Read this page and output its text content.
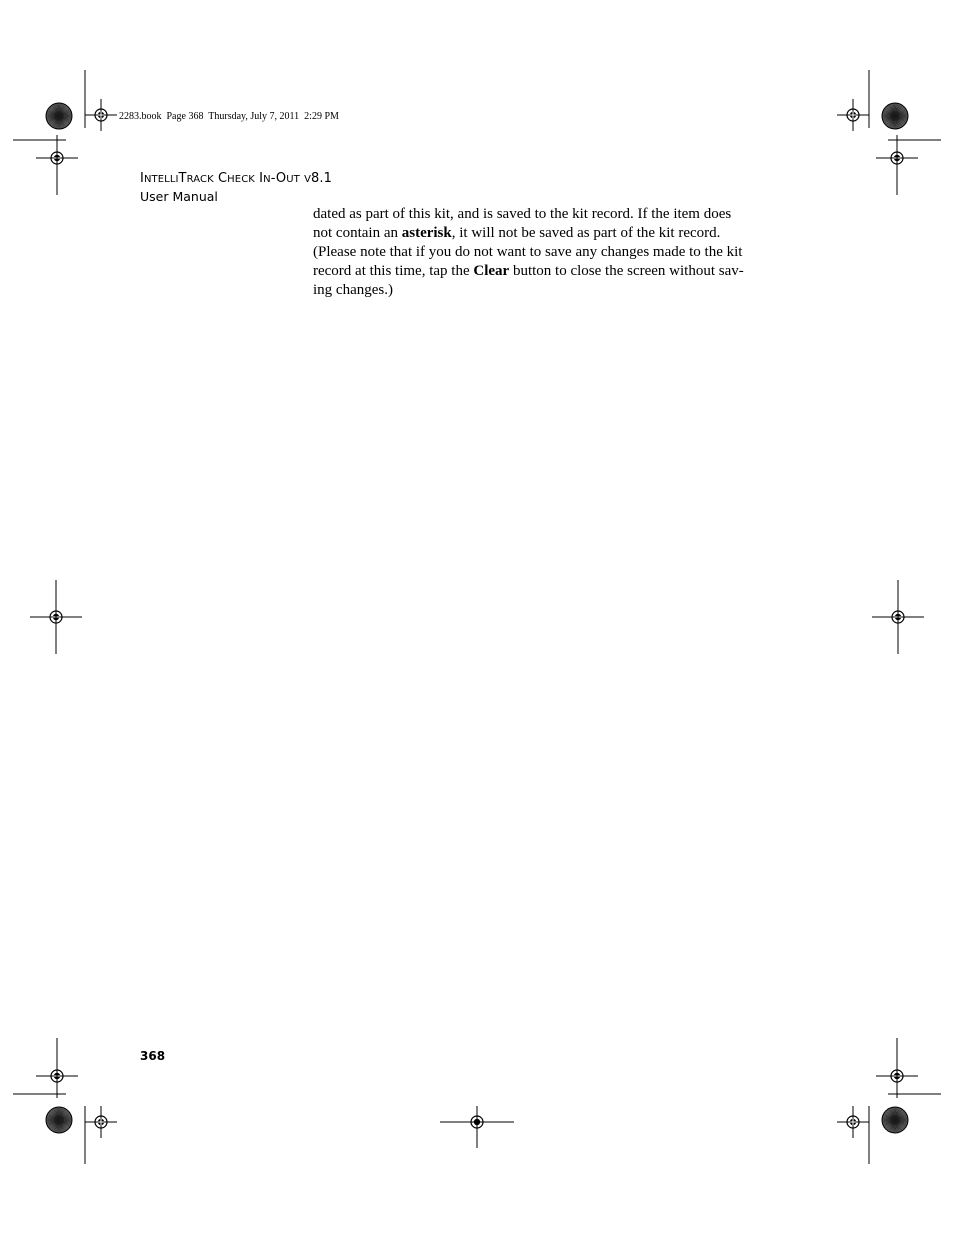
2283.book  Page 368  Thursday, July 7, 2011  2:29 PM
INTELLITRACK CHECK IN-OUT V8.1
User Manual
dated as part of this kit, and is saved to the kit record. If the item does
not contain an asterisk, it will not be saved as part of the kit record.
(Please note that if you do not want to save any changes made to the kit
record at this time, tap the Clear button to close the screen without sav-
ing changes.)
368
